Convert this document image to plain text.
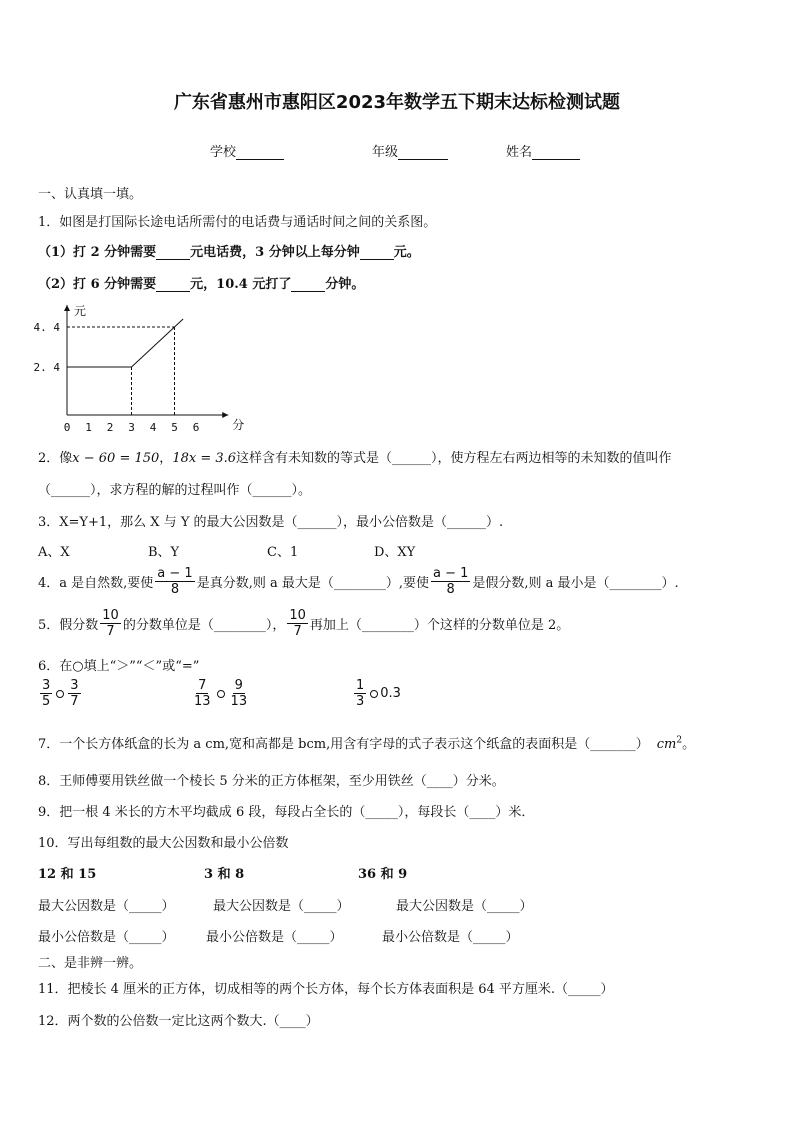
广东省惠州市惠阳区2023年数学五下期末达标检测试题
学校	年级	姓名
一、认真填一填。
1．如图是打国际长途电话所需付的电话费与通话时间之间的关系图。
（1）打 2 分钟需要	元电话费，3 分钟以上每分钟	元。
（2）打 6 分钟需要	元，10.4 元打了	分钟。
元
分
0 1 2 3 4 5 6
2. 4
4. 4
2．像x − 60 = 150，18x = 3.6这样含有未知数的等式是（______），使方程左右两边相等的未知数的值叫作
（______），求方程的解的过程叫作（______）。
3．X=Y+1，那么 X 与 Y 的最大公因数是（______），最小公倍数是（______）.
A、X	B、Y	C、1	D、XY
4．a 是自然数,要使 $\frac{a - 1}{8}$ 是真分数,则 a 最大是（________）,要使 $\frac{a - 1}{8}$ 是假分数,则 a 最小是（________）.
5．假分数 $\frac{10}{7}$ 的分数单位是（________）， $\frac{10}{7}$ 再加上（________）个这样的分数单位是 2。
6．在○填上“＞”“＜”或“=”
$\frac{3}{5} \frac{3}{7}$	$\frac{7}{13} \frac{9}{13}$	$\frac{1}{3} 0.3$
7．一个长方体纸盒的长为 a cm,宽和高都是 bcm,用含有字母的式子表示这个纸盒的表面积是（_______） $cm^2$。
8．王师傅要用铁丝做一个棱长 5 分米的正方体框架，至少用铁丝（____）分米。
9．把一根 4 米长的方木平均截成 6 段，每段占全长的（_____），每段长（____）米．
10．写出每组数的最大公因数和最小公倍数
12 和 15	3 和 8	36 和 9
最大公因数是（_____）	最大公因数是（_____）	最大公因数是（_____）
最小公倍数是（_____） 最小公倍数是（_____）	最小公倍数是（_____）
二、是非辨一辨。
11．把棱长 4 厘米的正方体，切成相等的两个长方体，每个长方体表面积是 64 平方厘米.（_____）
12．两个数的公倍数一定比这两个数大.（____）
